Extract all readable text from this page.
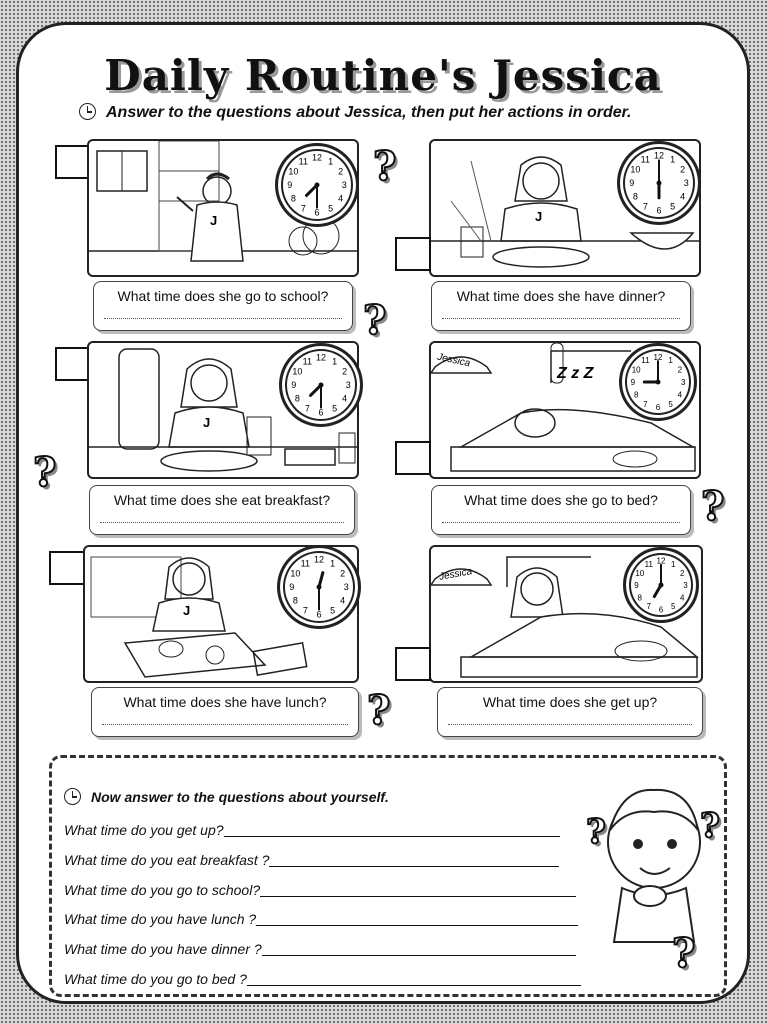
Daily Routine's Jessica
Answer to the questions about Jessica, then put her actions in order.
J
1
2
3
4
5
6
7
8
9
10
11 12
What time does she go to school?
J
1
2
3
4
5
6
7
8
9
10
11 12
What time does she have dinner?
J
1
2
3
4
5
6
7
8
9
10
11 12
What time does she eat breakfast?
Jessica
Z z Z
1
2
3
4
5
6
7
8
9
10
11 12
What time does she go to bed?
J
1
2
3
4
5
6
7
8
9
10
11 12
What time does she have lunch?
Jessica
1
2
3
4
5
6
7
8
9
10
11 12
What time does she get up?
?
?
?
?
?
Now answer to the questions about yourself.
What time do you get up?
What time do you eat breakfast ?
What time do you go to school?
What time do you have lunch ?
What time do you have dinner ?
What time do you go to bed ?
?	?
?
